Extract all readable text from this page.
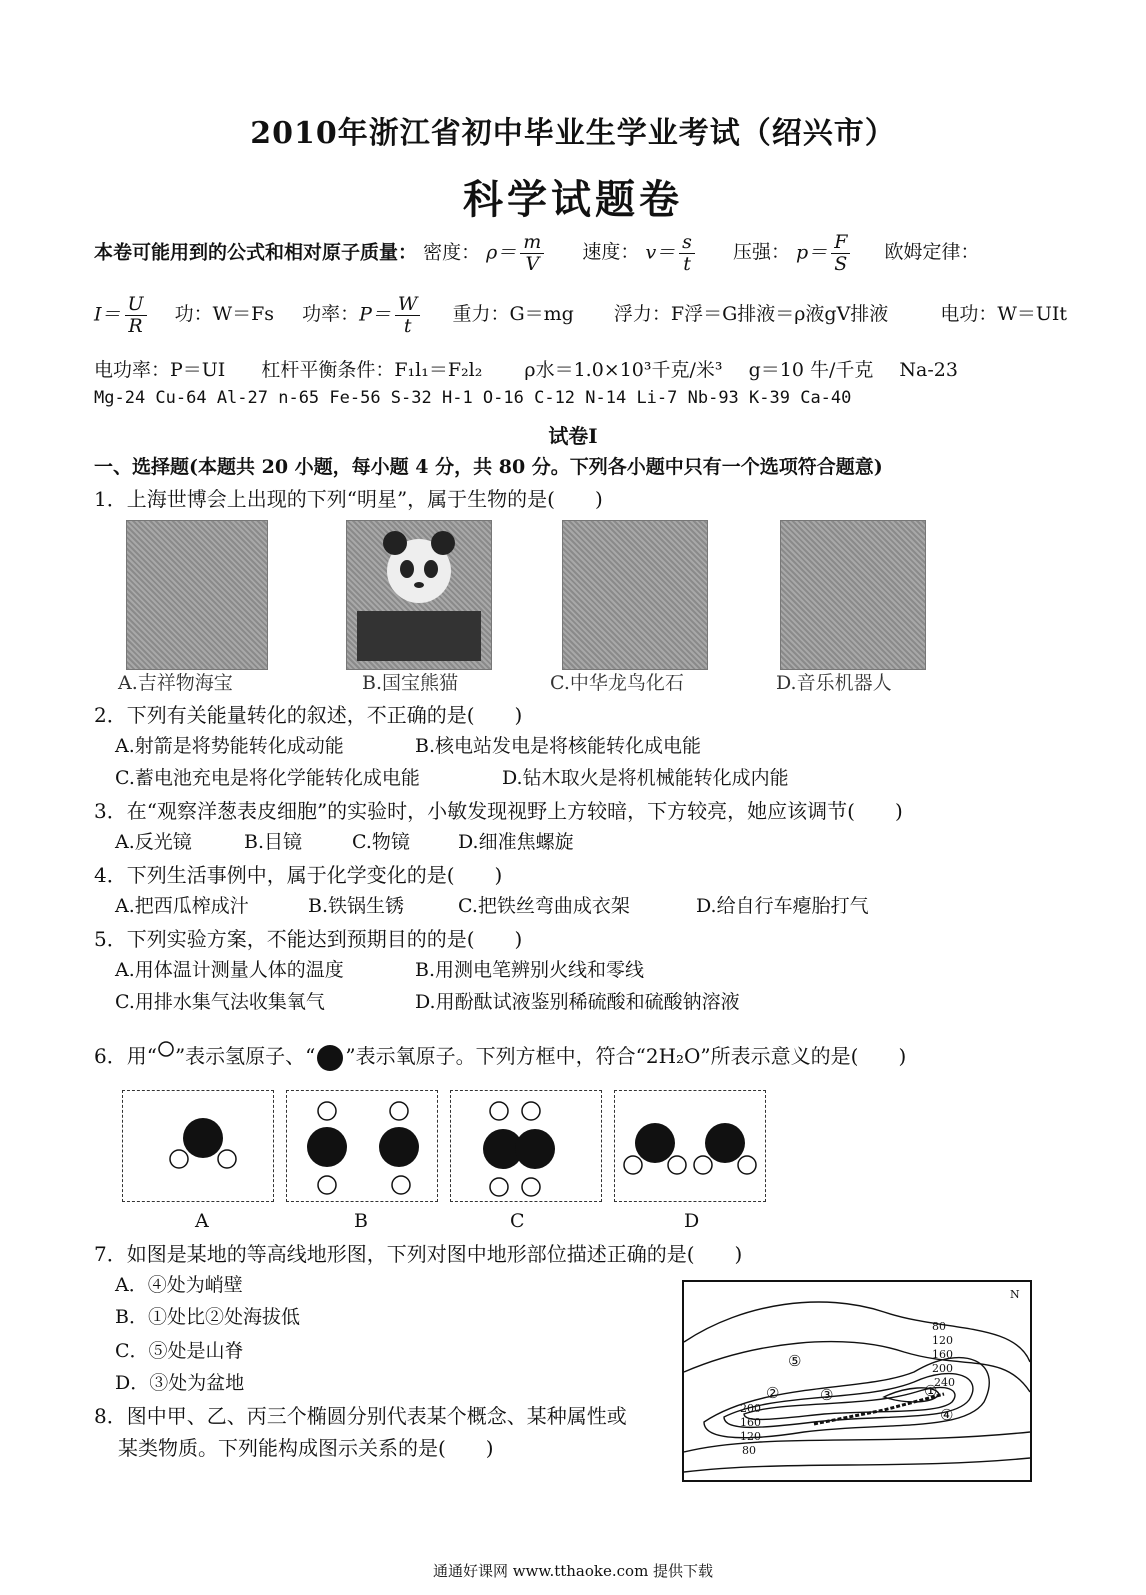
2010年浙江省初中毕业生学业考试（绍兴市）
科学试题卷
本卷可能用到的公式和相对原子质量： 密度： $\rho= \frac{m}{V}$ 速度： $v= \frac{s}{t}$ 压强： $p= \frac{F}{S}$ 欧姆定律：
$I= \frac{U}{R}$ 功：W＝Fs 功率：$P= \frac{W}{t}$ 重力：G＝mg 浮力：F浮＝G排液＝ρ液gV排液	电功：W＝UIt
电功率：P＝UI 杠杆平衡条件：F₁l₁＝F₂l₂ ρ水＝1.0×10³千克/米³ g＝10 牛/千克 Na-23
Mg-24 Cu-64 Al-27 n-65 Fe-56 S-32 H-1 O-16 C-12 N-14 Li-7 Nb-93 K-39 Ca-40
试卷Ⅰ
一、选择题(本题共 20 小题，每小题 4 分，共 80 分。下列各小题中只有一个选项符合题意)
1．上海世博会上出现的下列“明星”，属于生物的是(　　)
A.吉祥物海宝	B.国宝熊猫	C.中华龙鸟化石	D.音乐机器人
2．下列有关能量转化的叙述，不正确的是(　　)
A.射箭是将势能转化成动能	B.核电站发电是将核能转化成电能
C.蓄电池充电是将化学能转化成电能	D.钻木取火是将机械能转化成内能
3．在“观察洋葱表皮细胞”的实验时，小敏发现视野上方较暗，下方较亮，她应该调节(　　)
A.反光镜	B.目镜	C.物镜	D.细准焦螺旋
4．下列生活事例中，属于化学变化的是(　　)
A.把西瓜榨成汁	B.铁锅生锈	C.把铁丝弯曲成衣架	D.给自行车瘪胎打气
5．下列实验方案，不能达到预期目的的是(　　)
A.用体温计测量人体的温度	B.用测电笔辨别火线和零线
C.用排水集气法收集氧气	D.用酚酞试液鉴别稀硫酸和硫酸钠溶液
6．用“ ”表示氢原子、“ ”表示氧原子。下列方框中，符合“2H₂O”所表示意义的是(　　)
A	B	C	D
7．如图是某地的等高线地形图，下列对图中地形部位描述正确的是(　　)
A．④处为峭壁
B．①处比②处海拔低
C．⑤处是山脊
D．③处为盆地
80
120
160
200
240
200
160
120
80
N
①
②	③
④
⑤
8．图中甲、乙、丙三个椭圆分别代表某个概念、某种属性或
某类物质。下列能构成图示关系的是(　　)
通通好课网 www.tthaoke.com 提供下载
